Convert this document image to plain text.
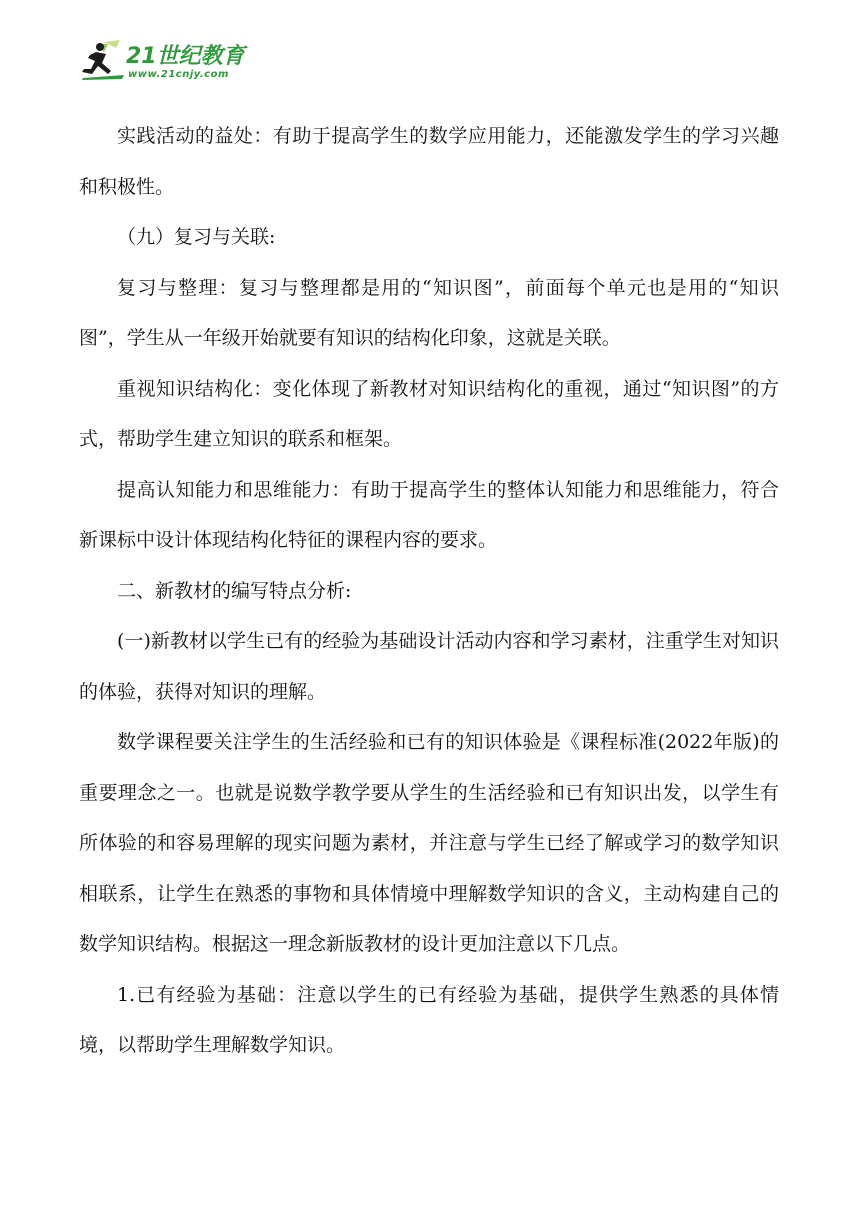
21世纪教育
www.21cnjy.com

实践活动的益处：有助于提高学生的数学应用能力，还能激发学生的学习兴趣和积极性。

（九）复习与关联:

复习与整理：复习与整理都是用的“知识图”，前面每个单元也是用的“知识图”，学生从一年级开始就要有知识的结构化印象，这就是关联。

重视知识结构化：变化体现了新教材对知识结构化的重视，通过“知识图”的方式，帮助学生建立知识的联系和框架。

提高认知能力和思维能力：有助于提高学生的整体认知能力和思维能力，符合新课标中设计体现结构化特征的课程内容的要求。

二、新教材的编写特点分析:

(一)新教材以学生已有的经验为基础设计活动内容和学习素材，注重学生对知识的体验，获得对知识的理解。

数学课程要关注学生的生活经验和已有的知识体验是《课程标准(2022年版)的重要理念之一。也就是说数学教学要从学生的生活经验和已有知识出发，以学生有所体验的和容易理解的现实问题为素材，并注意与学生已经了解或学习的数学知识相联系，让学生在熟悉的事物和具体情境中理解数学知识的含义，主动构建自己的数学知识结构。根据这一理念新版教材的设计更加注意以下几点。

1.已有经验为基础：注意以学生的已有经验为基础，提供学生熟悉的具体情境，以帮助学生理解数学知识。
